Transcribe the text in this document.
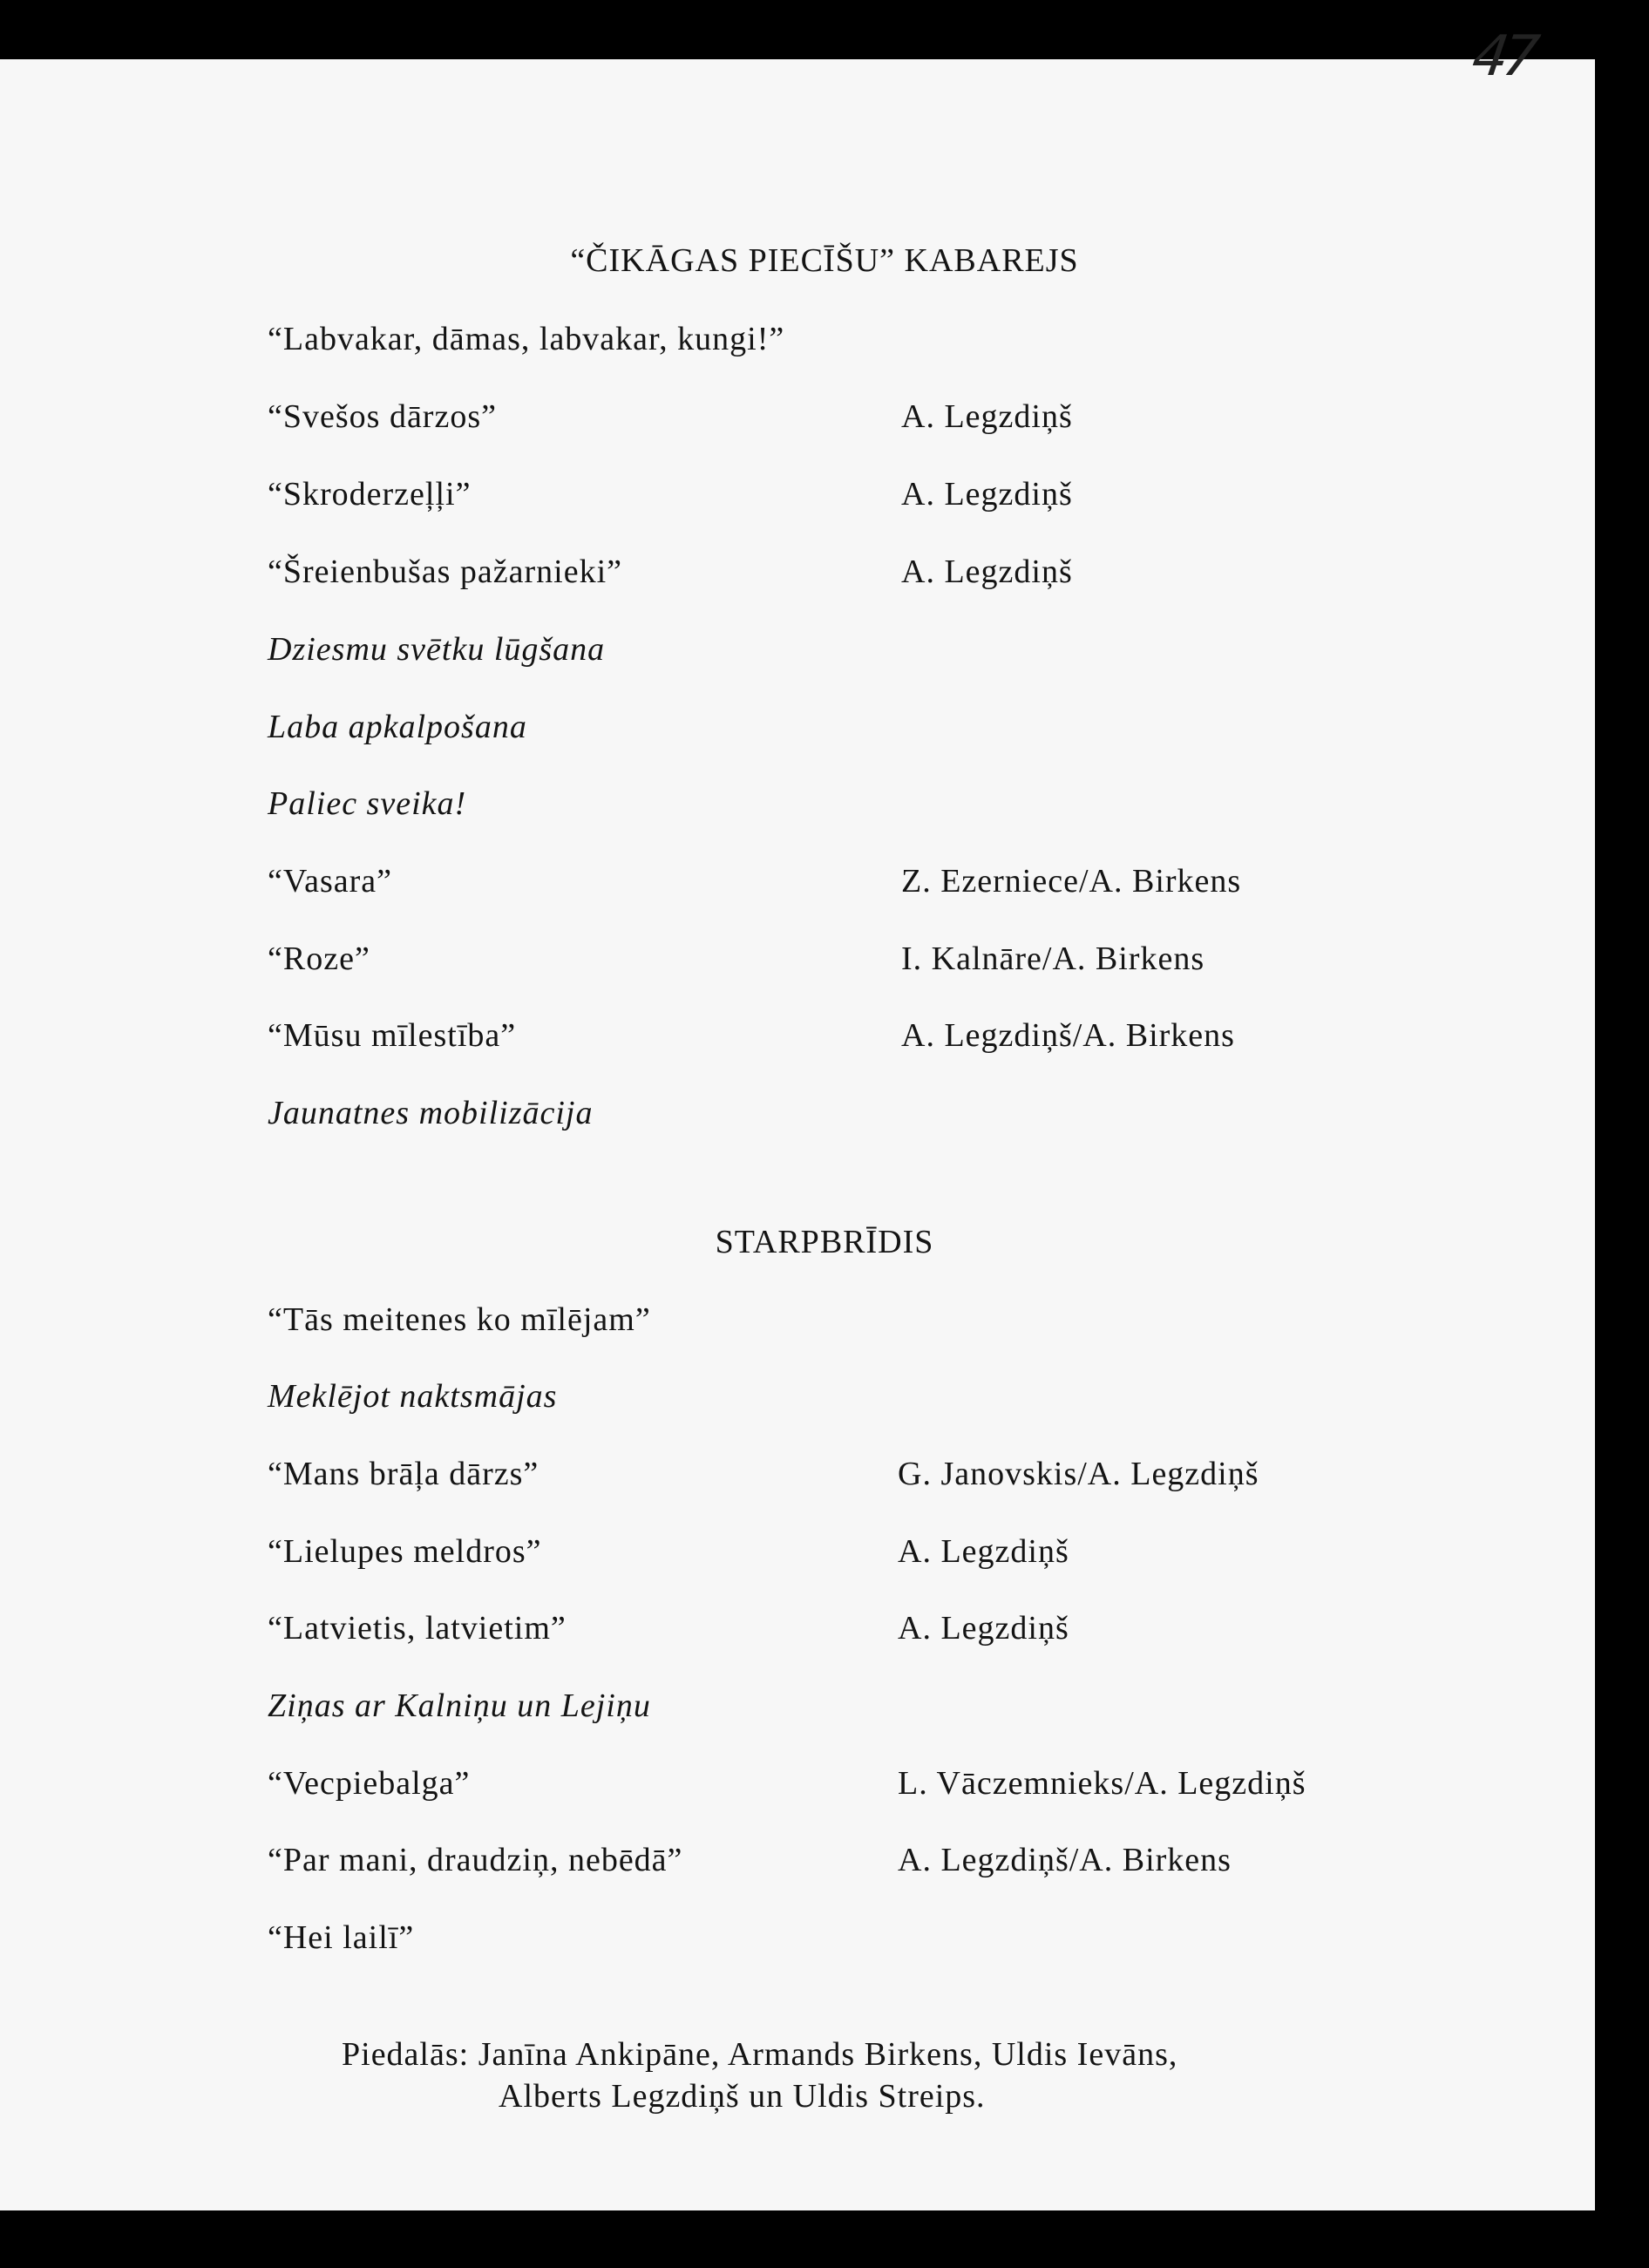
47
“ČIKĀGAS PIECĪŠU” KABAREJS
“Labvakar, dāmas, labvakar, kungi!”
“Svešos dārzos”	A. Legzdiņš
“Skroderzeļļi”	A. Legzdiņš
“Šreienbušas pažarnieki”	A. Legzdiņš
Dziesmu svētku lūgšana
Laba apkalpošana
Paliec sveika!
“Vasara”	Z. Ezerniece/A. Birkens
“Roze”	I. Kalnāre/A. Birkens
“Mūsu mīlestība”	A. Legzdiņš/A. Birkens
Jaunatnes mobilizācija
STARPBRĪDIS
“Tās meitenes ko mīlējam”
Meklējot naktsmājas
“Mans brāļa dārzs”	G. Janovskis/A. Legzdiņš
“Lielupes meldros”	A. Legzdiņš
“Latvietis, latvietim”	A. Legzdiņš
Ziņas ar Kalniņu un Lejiņu
“Vecpiebalga”	L. Vāczemnieks/A. Legzdiņš
“Par mani, draudziņ, nebēdā”	A. Legzdiņš/A. Birkens
“Hei lailī”
Piedalās: Janīna Ankipāne, Armands Birkens, Uldis Ievāns,
Alberts Legzdiņš un Uldis Streips.
